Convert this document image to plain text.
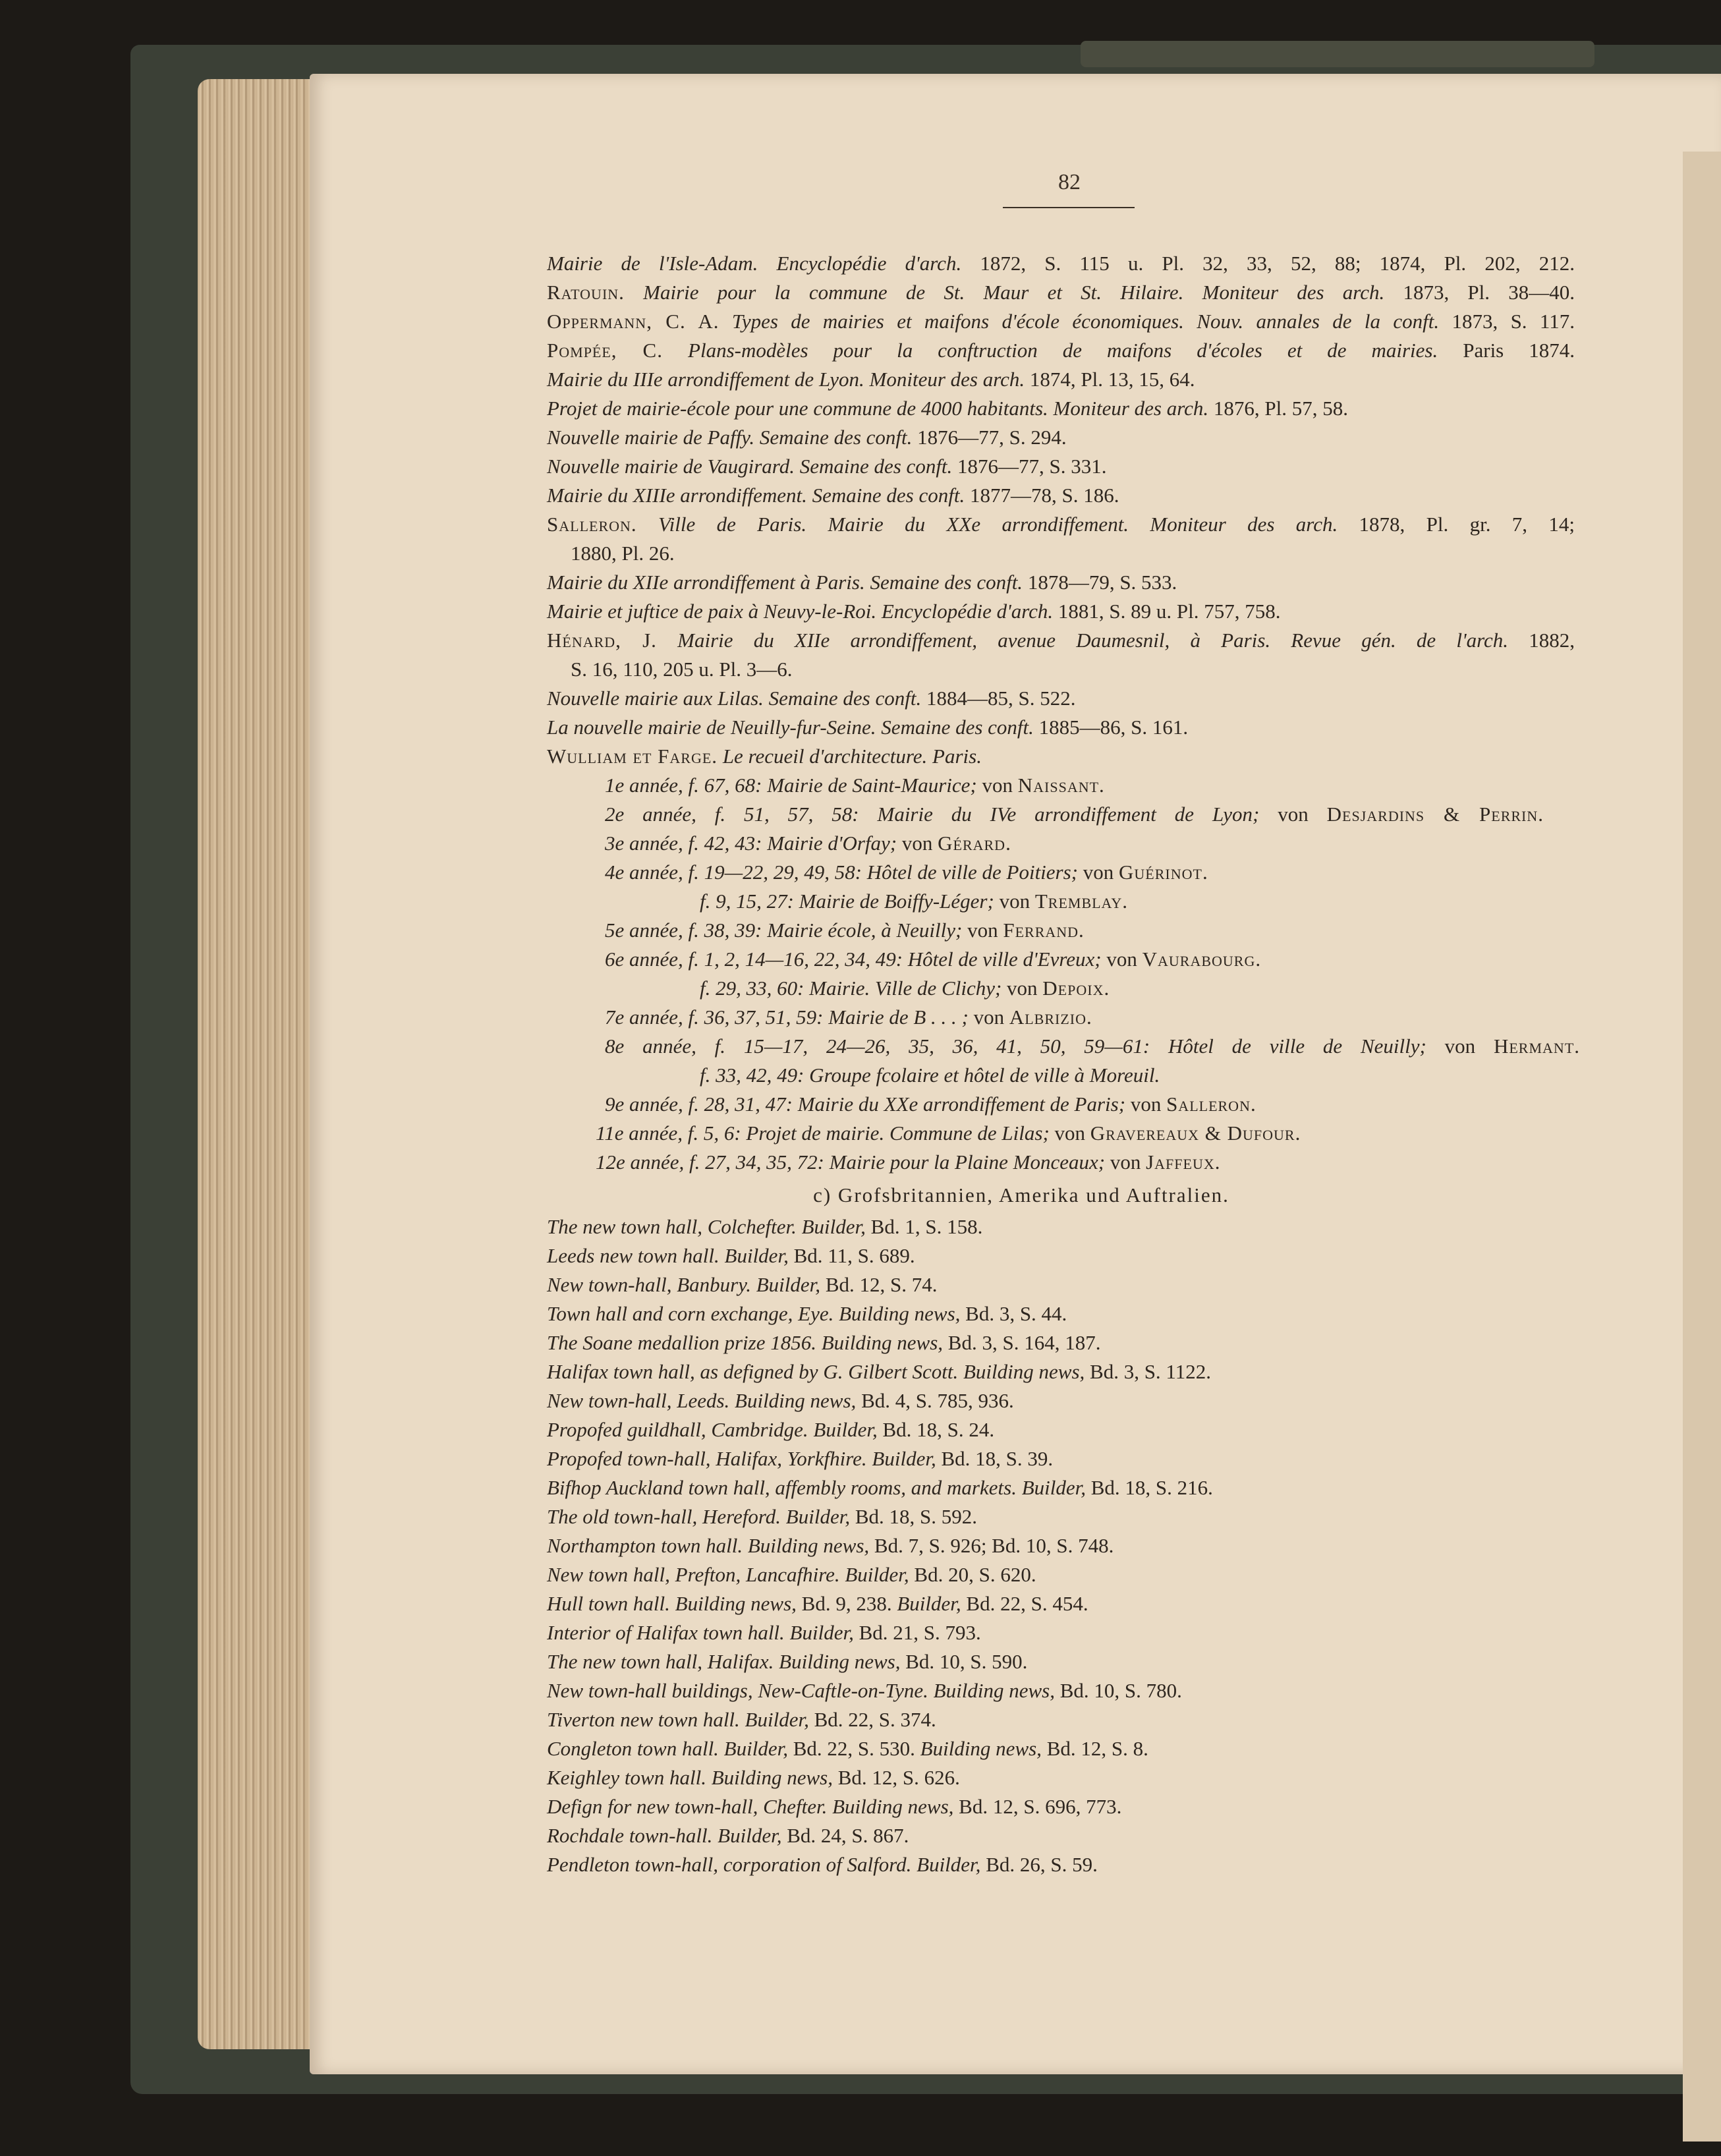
82
c) Grofsbritannien, Amerika und Auftralien.
Mairie de l'Isle-Adam. Encyclopédie d'arch. 1872, S. 115 u. Pl. 32, 33, 52, 88; 1874, Pl. 202, 212.
Ratouin. Mairie pour la commune de St. Maur et St. Hilaire. Moniteur des arch. 1873, Pl. 38—40.
Oppermann, C. A. Types de mairies et maifons d'école économiques. Nouv. annales de la conft. 1873, S. 117.
Pompée, C. Plans-modèles pour la conftruction de maifons d'écoles et de mairies. Paris 1874.
Mairie du IIIe arrondiffement de Lyon. Moniteur des arch. 1874, Pl. 13, 15, 64.
Projet de mairie-école pour une commune de 4000 habitants. Moniteur des arch. 1876, Pl. 57, 58.
Nouvelle mairie de Paffy. Semaine des conft. 1876—77, S. 294.
Nouvelle mairie de Vaugirard. Semaine des conft. 1876—77, S. 331.
Mairie du XIIIe arrondiffement. Semaine des conft. 1877—78, S. 186.
Salleron. Ville de Paris. Mairie du XXe arrondiffement. Moniteur des arch. 1878, Pl. gr. 7, 14;
1880, Pl. 26.
Mairie du XIIe arrondiffement à Paris. Semaine des conft. 1878—79, S. 533.
Mairie et juftice de paix à Neuvy-le-Roi. Encyclopédie d'arch. 1881, S. 89 u. Pl. 757, 758.
Hénard, J. Mairie du XIIe arrondiffement, avenue Daumesnil, à Paris. Revue gén. de l'arch. 1882,
S. 16, 110, 205 u. Pl. 3—6.
Nouvelle mairie aux Lilas. Semaine des conft. 1884—85, S. 522.
La nouvelle mairie de Neuilly-fur-Seine. Semaine des conft. 1885—86, S. 161.
Wulliam et Farge. Le recueil d'architecture. Paris.
1e année, f. 67, 68: Mairie de Saint-Maurice; von Naissant.
2e année, f. 51, 57, 58: Mairie du IVe arrondiffement de Lyon; von Desjardins & Perrin.
3e année, f. 42, 43: Mairie d'Orfay; von Gérard.
4e année, f. 19—22, 29, 49, 58: Hôtel de ville de Poitiers; von Guérinot.
f. 9, 15, 27: Mairie de Boiffy-Léger; von Tremblay.
5e année, f. 38, 39: Mairie école, à Neuilly; von Ferrand.
6e année, f. 1, 2, 14—16, 22, 34, 49: Hôtel de ville d'Evreux; von Vaurabourg.
f. 29, 33, 60: Mairie. Ville de Clichy; von Depoix.
7e année, f. 36, 37, 51, 59: Mairie de B . . . ; von Albrizio.
8e année, f. 15—17, 24—26, 35, 36, 41, 50, 59—61: Hôtel de ville de Neuilly; von Hermant.
f. 33, 42, 49: Groupe fcolaire et hôtel de ville à Moreuil.
9e année, f. 28, 31, 47: Mairie du XXe arrondiffement de Paris; von Salleron.
11e année, f. 5, 6: Projet de mairie. Commune de Lilas; von Gravereaux & Dufour.
12e année, f. 27, 34, 35, 72: Mairie pour la Plaine Monceaux; von Jaffeux.
The new town hall, Colchefter. Builder, Bd. 1, S. 158.
Leeds new town hall. Builder, Bd. 11, S. 689.
New town-hall, Banbury. Builder, Bd. 12, S. 74.
Town hall and corn exchange, Eye. Building news, Bd. 3, S. 44.
The Soane medallion prize 1856. Building news, Bd. 3, S. 164, 187.
Halifax town hall, as defigned by G. Gilbert Scott. Building news, Bd. 3, S. 1122.
New town-hall, Leeds. Building news, Bd. 4, S. 785, 936.
Propofed guildhall, Cambridge. Builder, Bd. 18, S. 24.
Propofed town-hall, Halifax, Yorkfhire. Builder, Bd. 18, S. 39.
Bifhop Auckland town hall, affembly rooms, and markets. Builder, Bd. 18, S. 216.
The old town-hall, Hereford. Builder, Bd. 18, S. 592.
Northampton town hall. Building news, Bd. 7, S. 926; Bd. 10, S. 748.
New town hall, Prefton, Lancafhire. Builder, Bd. 20, S. 620.
Hull town hall. Building news, Bd. 9, 238. Builder, Bd. 22, S. 454.
Interior of Halifax town hall. Builder, Bd. 21, S. 793.
The new town hall, Halifax. Building news, Bd. 10, S. 590.
New town-hall buildings, New-Caftle-on-Tyne. Building news, Bd. 10, S. 780.
Tiverton new town hall. Builder, Bd. 22, S. 374.
Congleton town hall. Builder, Bd. 22, S. 530. Building news, Bd. 12, S. 8.
Keighley town hall. Building news, Bd. 12, S. 626.
Defign for new town-hall, Chefter. Building news, Bd. 12, S. 696, 773.
Rochdale town-hall. Builder, Bd. 24, S. 867.
Pendleton town-hall, corporation of Salford. Builder, Bd. 26, S. 59.
